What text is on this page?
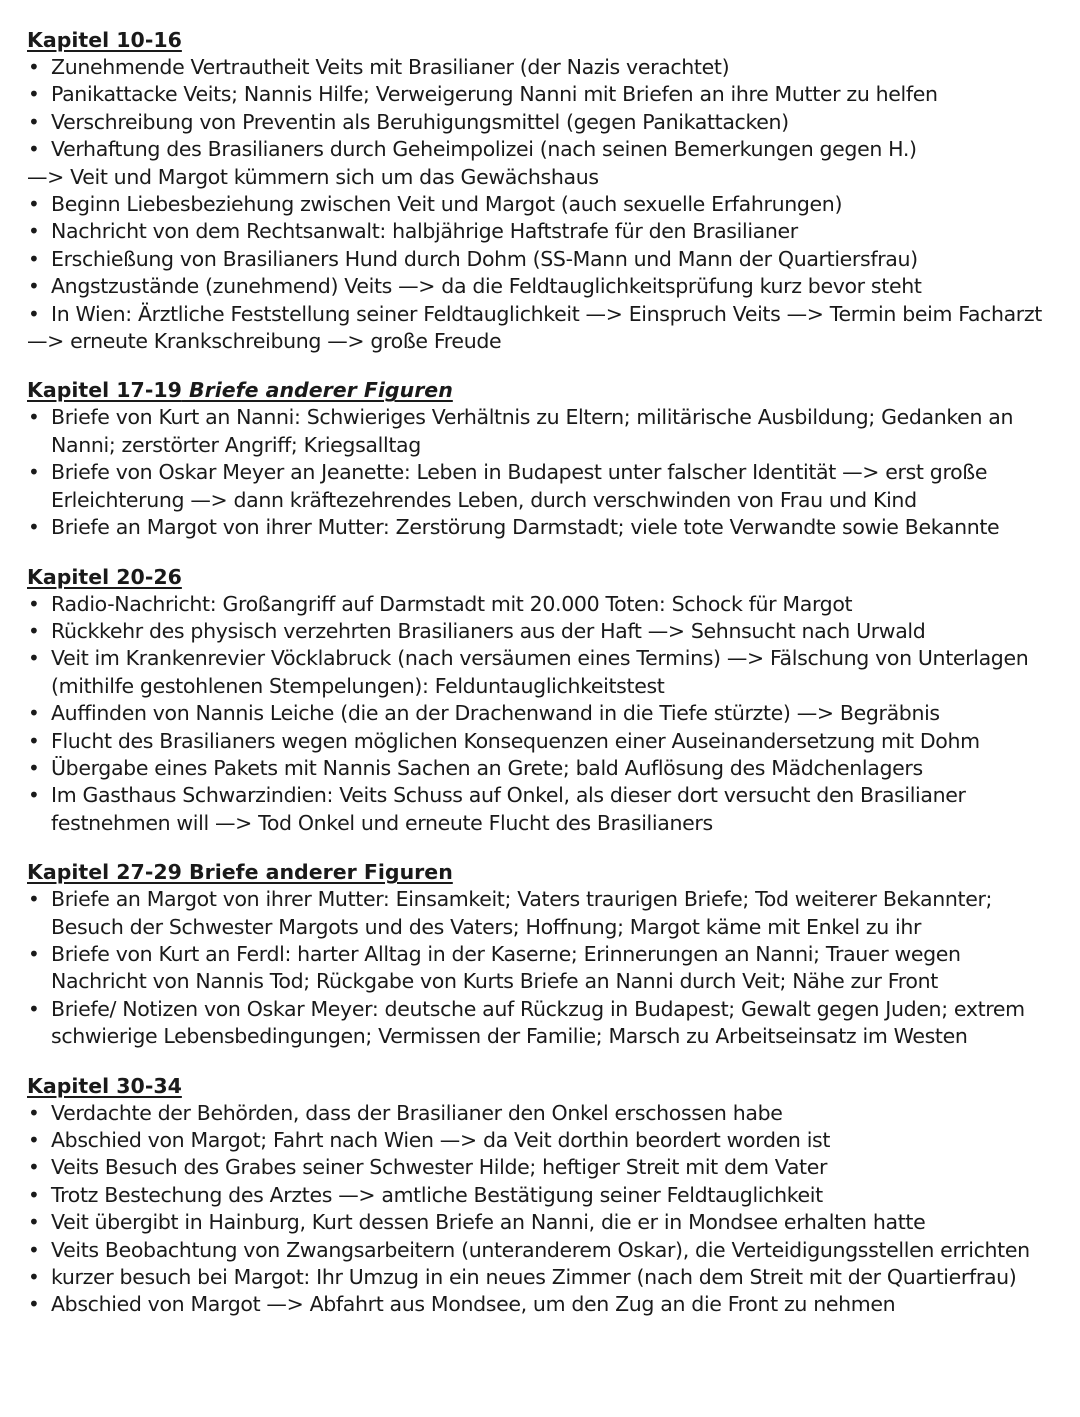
Kapitel 10-16
• Zunehmende Vertrautheit Veits mit Brasilianer (der Nazis verachtet)
• Panikattacke Veits; Nannis Hilfe; Verweigerung Nanni mit Briefen an ihre Mutter zu helfen
• Verschreibung von Preventin als Beruhigungsmittel (gegen Panikattacken)
• Verhaftung des Brasilianers durch Geheimpolizei (nach seinen Bemerkungen gegen H.)
—> Veit und Margot kümmern sich um das Gewächshaus
• Beginn Liebesbeziehung zwischen Veit und Margot (auch sexuelle Erfahrungen)
• Nachricht von dem Rechtsanwalt: halbjährige Haftstrafe für den Brasilianer
• Erschießung von Brasilianers Hund durch Dohm (SS-Mann und Mann der Quartiersfrau)
• Angstzustände (zunehmend) Veits —> da die Feldtauglichkeitsprüfung kurz bevor steht
• In Wien: Ärztliche Feststellung seiner Feldtauglichkeit —> Einspruch Veits —> Termin beim Facharzt
—> erneute Krankschreibung —> große Freude
Kapitel 17-19 Briefe anderer Figuren
• Briefe von Kurt an Nanni: Schwieriges Verhältnis zu Eltern; militärische Ausbildung; Gedanken an Nanni; zerstörter Angriff; Kriegsalltag
• Briefe von Oskar Meyer an Jeanette: Leben in Budapest unter falscher Identität —> erst große Erleichterung —> dann kräftezehrendes Leben, durch verschwinden von Frau und Kind
• Briefe an Margot von ihrer Mutter: Zerstörung Darmstadt; viele tote Verwandte sowie Bekannte
Kapitel 20-26
• Radio-Nachricht: Großangriff auf Darmstadt mit 20.000 Toten: Schock für Margot
• Rückkehr des physisch verzehrten Brasilianers aus der Haft —> Sehnsucht nach Urwald
• Veit im Krankenrevier Vöcklabruck (nach versäumen eines Termins) —> Fälschung von Unterlagen (mithilfe gestohlenen Stempelungen): Felduntauglichkeitstest
• Auffinden von Nannis Leiche (die an der Drachenwand in die Tiefe stürzte) —> Begräbnis
• Flucht des Brasilianers wegen möglichen Konsequenzen einer Auseinandersetzung mit Dohm
• Übergabe eines Pakets mit Nannis Sachen an Grete; bald Auflösung des Mädchenlagers
• Im Gasthaus Schwarzindien: Veits Schuss auf Onkel, als dieser dort versucht den Brasilianer festnehmen will —> Tod Onkel und erneute Flucht des Brasilianers
Kapitel 27-29 Briefe anderer Figuren
• Briefe an Margot von ihrer Mutter: Einsamkeit; Vaters traurigen Briefe; Tod weiterer Bekannter; Besuch der Schwester Margots und des Vaters; Hoffnung; Margot käme mit Enkel zu ihr
• Briefe von Kurt an Ferdl: harter Alltag in der Kaserne; Erinnerungen an Nanni; Trauer wegen Nachricht von Nannis Tod; Rückgabe von Kurts Briefe an Nanni durch Veit; Nähe zur Front
• Briefe/ Notizen von Oskar Meyer: deutsche auf Rückzug in Budapest; Gewalt gegen Juden; extrem schwierige Lebensbedingungen; Vermissen der Familie; Marsch zu Arbeitseinsatz im Westen
Kapitel 30-34
• Verdachte der Behörden, dass der Brasilianer den Onkel erschossen habe
• Abschied von Margot; Fahrt nach Wien —> da Veit dorthin beordert worden ist
• Veits Besuch des Grabes seiner Schwester Hilde; heftiger Streit mit dem Vater
• Trotz Bestechung des Arztes —> amtliche Bestätigung seiner Feldtauglichkeit
• Veit übergibt in Hainburg, Kurt dessen Briefe an Nanni, die er in Mondsee erhalten hatte
• Veits Beobachtung von Zwangsarbeitern (unteranderem Oskar), die Verteidigungsstellen errichten
• kurzer besuch bei Margot: Ihr Umzug in ein neues Zimmer (nach dem Streit mit der Quartierfrau)
• Abschied von Margot —> Abfahrt aus Mondsee, um den Zug an die Front zu nehmen
